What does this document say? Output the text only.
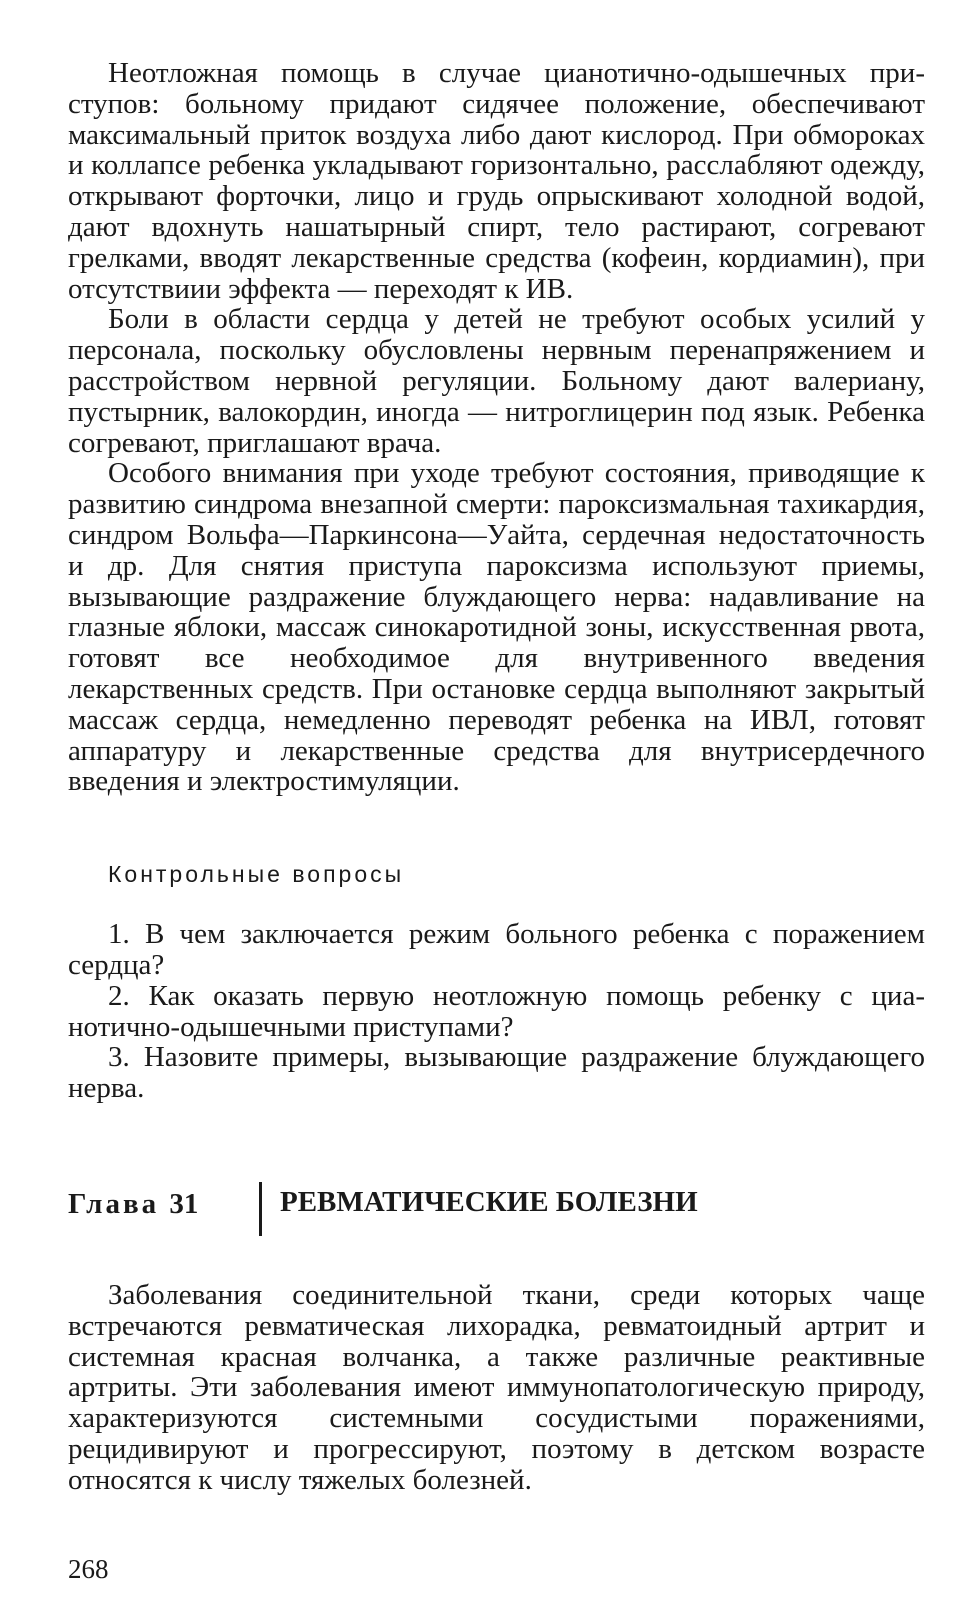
Неотложная помощь в случае цианотично-одышечных приступов: больному придают сидячее положение, обеспечивают максимальный приток воздуха либо дают кислород. При обмороках и коллапсе ребенка укладывают горизонтально, расслабляют одежду, открывают форточки, лицо и грудь опрыскивают холодной водой, дают вдохнуть нашатырный спирт, тело растирают, согревают грелками, вводят лекарственные средства (кофеин, кордиамин), при отсутствиии эффекта — переходят к ИВ.

Боли в области сердца у детей не требуют особых усилий у персонала, поскольку обусловлены нервным перенапряжением и расстройством нервной регуляции. Больному дают валериану, пустырник, валокордин, иногда — нитроглицерин под язык. Ребенка согревают, приглашают врача.

Особого внимания при уходе требуют состояния, приводящие к развитию синдрома внезапной смерти: пароксизмальная тахикардия, синдром Вольфа—Паркинсона—Уайта, сердечная недостаточность и др. Для снятия приступа пароксизма используют приемы, вызывающие раздражение блуждающего нерва: надавливание на глазные яблоки, массаж синокаротидной зоны, искусственная рвота, готовят все необходимое для внутривенного введения лекарственных средств. При остановке сердца выполняют закрытый массаж сердца, немедленно переводят ребенка на ИВЛ, готовят аппаратуру и лекарственные средства для внутрисердечного введения и электростимуляции.

Контрольные вопросы
1. В чем заключается режим больного ребенка с поражением сердца?
2. Как оказать первую неотложную помощь ребенку с цианотично-одышечными приступами?
3. Назовите примеры, вызывающие раздражение блуждающего нерва.
Глава 31	РЕВМАТИЧЕСКИЕ БОЛЕЗНИ

Заболевания соединительной ткани, среди которых чаще встречаются ревматическая лихорадка, ревматоидный артрит и системная красная волчанка, а также различные реактивные артриты. Эти заболевания имеют иммунопатологическую природу, характеризуются системными сосудистыми поражениями, рецидивируют и прогрессируют, поэтому в детском возрасте относятся к числу тяжелых болезней.

268
